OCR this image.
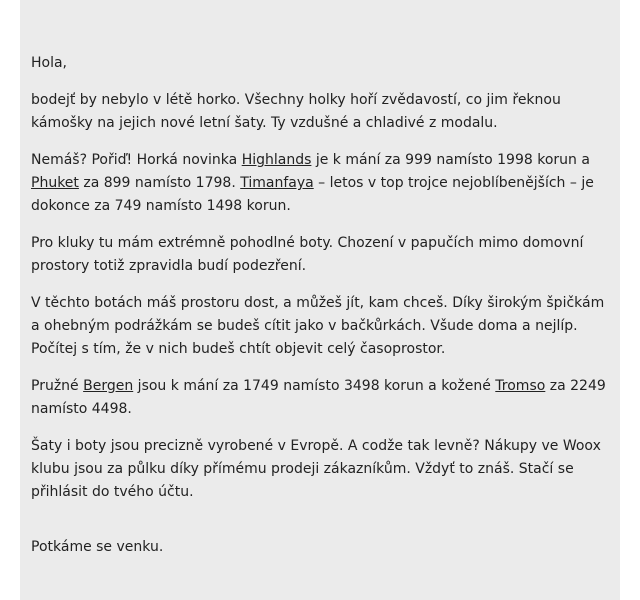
Hola,

bodejť by nebylo v létě horko. Všechny holky hoří zvědavostí, co jim řeknou kámošky na jejich nové letní šaty. Ty vzdušné a chladivé z modalu.

Nemáš? Pořiď! Horká novinka Highlands je k mání za 999 namísto 1998 korun a Phuket za 899 namísto 1798. Timanfaya – letos v top trojce nejoblíbenějších – je dokonce za 749 namísto 1498 korun.

Pro kluky tu mám extrémně pohodlné boty. Chození v papučích mimo domovní prostory totiž zpravidla budí podezření.

V těchto botách máš prostoru dost, a můžeš jít, kam chceš. Díky širokým špičkám a ohebným podrážkám se budeš cítit jako v bačkůrkách. Všude doma a nejlíp. Počítej s tím, že v nich budeš chtít objevit celý časoprostor.

Pružné Bergen jsou k mání za 1749 namísto 3498 korun a kožené Tromso za 2249 namísto 4498.

Šaty i boty jsou precizně vyrobené v Evropě. A codže tak levně? Nákupy ve Woox klubu jsou za půlku díky přímému prodeji zákazníkům. Vždyť to znáš. Stačí se přihlásit do tvého účtu.

Potkáme se venku.
